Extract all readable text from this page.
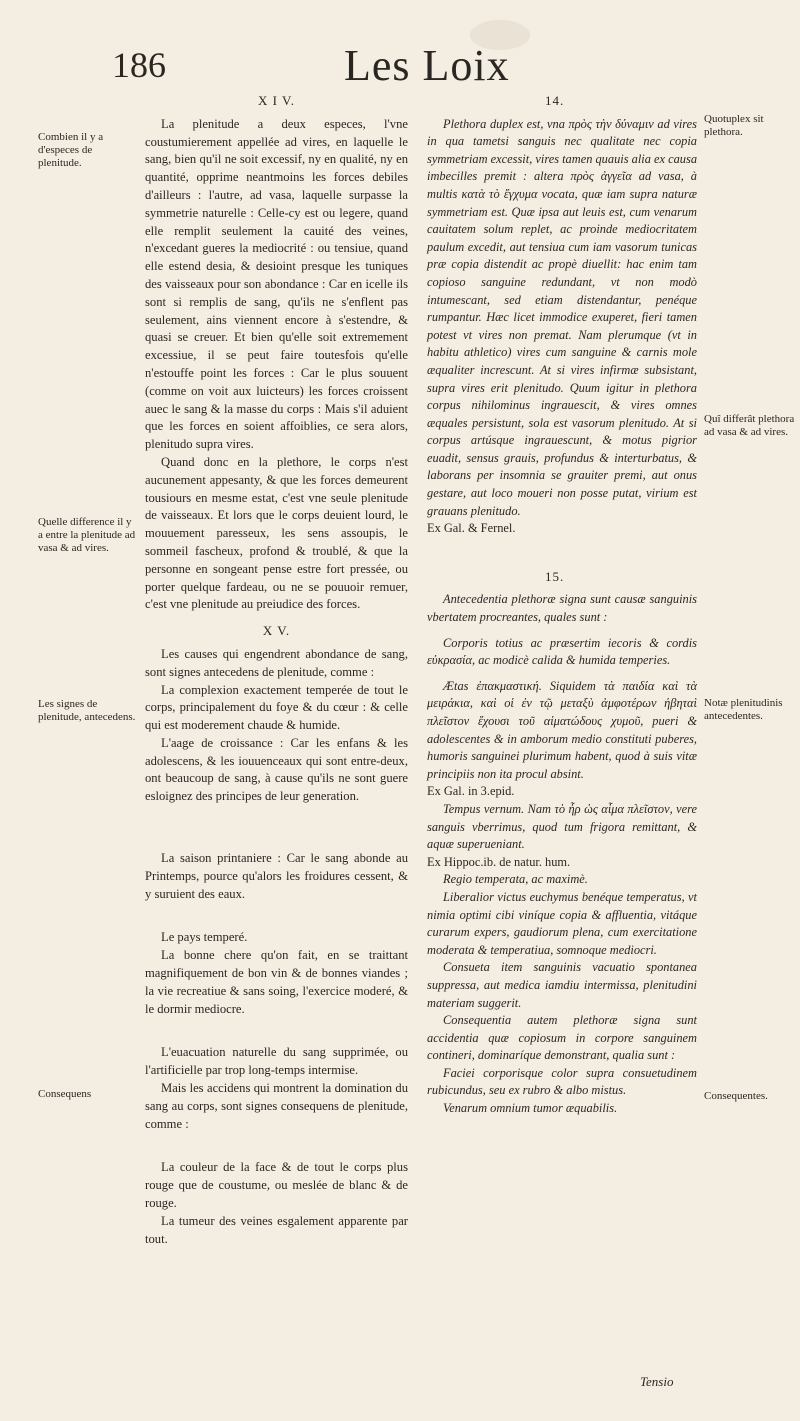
186	Les Loix
Combien il y a d'especes de plenitude.
Quelle difference il y a entre la plenitude ad vasa & ad vires.
Les signes de plenitude, antecedens.
Consequens
Quotuplex sit plethora.
Quî differât plethora ad vasa & ad vires.
Notæ plenitudinis antecedentes.
Consequentes.
X I V.

La plenitude a deux especes, l'vne coustumierement appellée ad vires, en laquelle le sang, bien qu'il ne soit excessif, ny en qualité, ny en quantité, opprime neantmoins les forces debiles d'ailleurs : l'autre, ad vasa, laquelle surpasse la symmetrie naturelle : Celle-cy est ou legere, quand elle remplit seulement la cauité des veines, n'excedant gueres la mediocrité : ou tensiue, quand elle estend desia, & desioint presque les tuniques des vaisseaux pour son abondance : Car en icelle ils sont si remplis de sang, qu'ils ne s'enflent pas seulement, ains viennent encore à s'estendre, & quasi se creuer. Et bien qu'elle soit extremement excessiue, il se peut faire toutesfois qu'elle n'estouffe point les forces : Car le plus souuent (comme on voit aux luicteurs) les forces croissent auec le sang & la masse du corps : Mais s'il aduient que les forces en soient affoiblies, ce sera alors, plenitudo supra vires.

Quand donc en la plethore, le corps n'est aucunement appesanty, & que les forces demeurent tousiours en mesme estat, c'est vne seule plenitude de vaisseaux. Et lors que le corps deuient lourd, le mouuement paresseux, les sens assoupis, le sommeil fascheux, profond & troublé, & que la personne en songeant pense estre fort pressée, ou porter quelque fardeau, ou ne se pouuoir remuer, c'est vne plenitude au preiudice des forces.

X V.

Les causes qui engendrent abondance de sang, sont signes antecedens de plenitude, comme :

La complexion exactement temperée de tout le corps, principalement du foye & du cœur : & celle qui est moderement chaude & humide.

L'aage de croissance : Car les enfans & les adolescens, & les iouuenceaux qui sont entre-deux, ont beaucoup de sang, à cause qu'ils ne sont guere esloignez des principes de leur generation.

La saison printaniere : Car le sang abonde au Printemps, pource qu'alors les froidures cessent, & y suruient des eaux.

Le pays temperé.

La bonne chere qu'on fait, en se traittant magnifiquement de bon vin & de bonnes viandes ; la vie recreatiue & sans soing, l'exercice moderé, & le dormir mediocre.

L'euacuation naturelle du sang supprimée, ou l'artificielle par trop long-temps intermise.

Mais les accidens qui montrent la domination du sang au corps, sont signes consequens de plenitude, comme :

La couleur de la face & de tout le corps plus rouge que de coustume, ou meslée de blanc & de rouge.

La tumeur des veines esgalement apparente par tout.

14.

Plethora duplex est, vna πρὸς τὴν δύναμιν ad vires in qua tametsi sanguis nec qualitate nec copia symmetriam excessit, vires tamen quauis alia ex causa imbecilles premit : altera πρὸς ἀγγεῖα ad vasa, à multis κατὰ τὸ ἔγχυμα vocata, quæ iam supra naturæ symmetriam est. Quæ ipsa aut leuis est, cum venarum cauitatem solum replet, ac proinde mediocritatem paulum excedit, aut tensiua cum iam vasorum tunicas præ copia distendit ac propè diuellit: hac enim tam copioso sanguine redundant, vt non modò intumescant, sed etiam distendantur, penéque rumpantur. Hæc licet immodice exuperet, fieri tamen potest vt vires non premat. Nam plerumque (vt in habitu athletico) vires cum sanguine & carnis mole æqualiter increscunt. At si vires infirmæ subsistant, supra vires erit plenitudo. Quum igitur in plethora corpus nihilominus ingrauescit, & vires omnes æquales persistunt, sola est vasorum plenitudo. At si corpus artúsque ingrauescunt, & motus pigrior euadit, sensus grauis, profundus & interturbatus, & laborans per insomnia se grauiter premi, aut onus gestare, aut loco moueri non posse putat, virium est grauans plenitudo.

Ex Gal. & Fernel.

15.

Antecedentia plethoræ signa sunt causæ sanguinis vbertatem procreantes, quales sunt :

Corporis totius ac præsertim iecoris & cordis εὐκρασία, ac modicè calida & humida temperies.

Ætas ἐπακμαστική. Siquidem τὰ παιδία καὶ τὰ μειράκια, καὶ οἱ ἐν τῷ μεταξὺ ἀμφοτέρων ἡβηταὶ πλεῖστον ἔχουσι τοῦ αἱματώδους χυμοῦ, pueri & adolescentes & in amborum medio constituti puberes, humoris sanguinei plurimum habent, quod à suis vitæ principiis non ita procul absint.

Ex Gal. in 3.epid.

Tempus vernum. Nam τὸ ἦρ ὡς αἷμα πλεῖστον, vere sanguis vberrimus, quod tum frigora remittant, & aquæ superueniant.

Ex Hippoc.ib. de natur. hum.

Regio temperata, ac maximè.

Liberalior victus euchymus benéque temperatus, vt nimia optimi cibi viníque copia & affluentia, vitáque curarum expers, gaudiorum plena, cum exercitatione moderata & temperatiua, somnoque mediocri.

Consueta item sanguinis vacuatio spontanea suppressa, aut medica iamdiu intermissa, plenitudini materiam suggerit.

Consequentia autem plethoræ signa sunt accidentia quæ copiosum in corpore sanguinem contineri, dominaríque demonstrant, qualia sunt :

Faciei corporisque color supra consuetudinem rubicundus, seu ex rubro & albo mistus.

Venarum omnium tumor æquabilis.

Tensio
